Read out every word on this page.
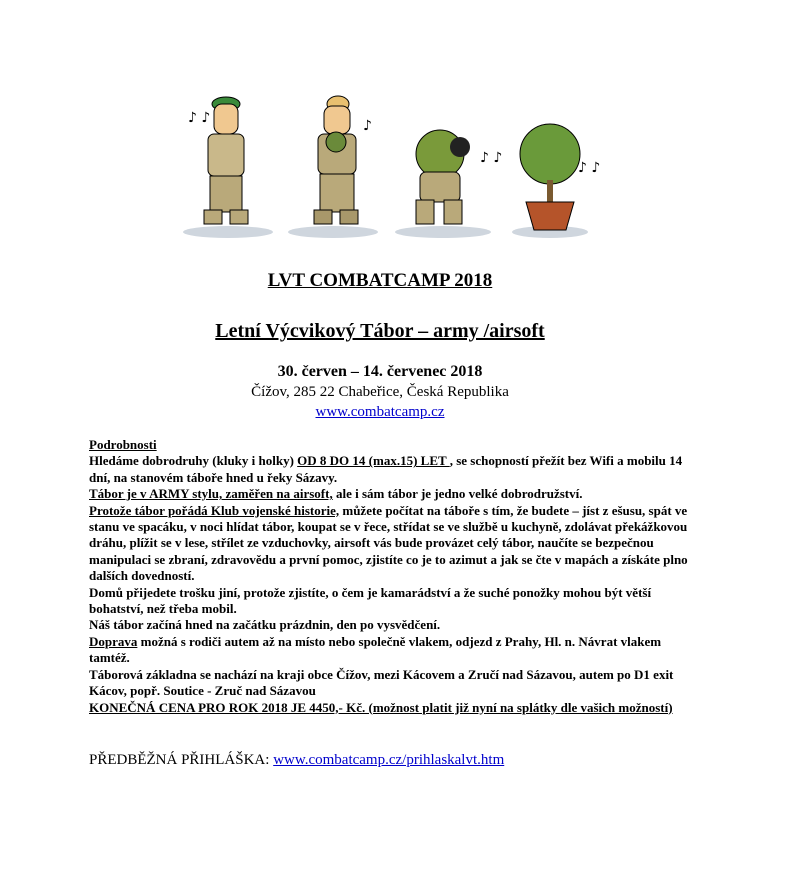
♪ ♪	♪
♪ ♪
♪ ♪
LVT COMBATCAMP 2018
Letní Výcvikový Tábor – army /airsoft
30. červen – 14. červenec 2018
Čížov, 285 22 Chabeřice, Česká Republika
www.combatcamp.cz

Podrobnosti

Hledáme dobrodruhy (kluky i holky) OD 8 DO 14 (max.15) LET , se schopností přežít bez Wifi a mobilu 14 dní, na stanovém táboře hned u řeky Sázavy.

Tábor je v ARMY stylu, zaměřen na airsoft, ale i sám tábor je jedno velké dobrodružství.

Protože tábor pořádá Klub vojenské historie, můžete počítat na táboře s tím, že budete – jíst z ešusu, spát ve stanu ve spacáku, v noci hlídat tábor, koupat se v řece, střídat se ve službě u kuchyně, zdolávat překážkovou dráhu, plížit se v lese, střílet ze vzduchovky, airsoft vás bude provázet celý tábor, naučíte se bezpečnou manipulaci se zbraní, zdravovědu a první pomoc, zjistíte co je to azimut a jak se čte v mapách a získáte plno dalších dovedností.

Domů přijedete trošku jiní, protože zjistíte, o čem je kamarádství a že suché ponožky mohou být větší bohatství, než třeba mobil.

Náš tábor začíná hned na začátku prázdnin, den po vysvědčení.

Doprava možná s rodiči autem až na místo nebo společně vlakem, odjezd z Prahy, Hl. n. Návrat vlakem tamtéž.

Táborová základna se nachází na kraji obce Čížov, mezi Kácovem a Zručí nad Sázavou, autem po D1 exit Kácov, popř. Soutice - Zruč nad Sázavou

KONEČNÁ CENA PRO ROK 2018 JE 4450,- Kč. (možnost platit již nyní na splátky dle vašich možností)

PŘEDBĚŽNÁ PŘIHLÁŠKA: www.combatcamp.cz/prihlaskalvt.htm
